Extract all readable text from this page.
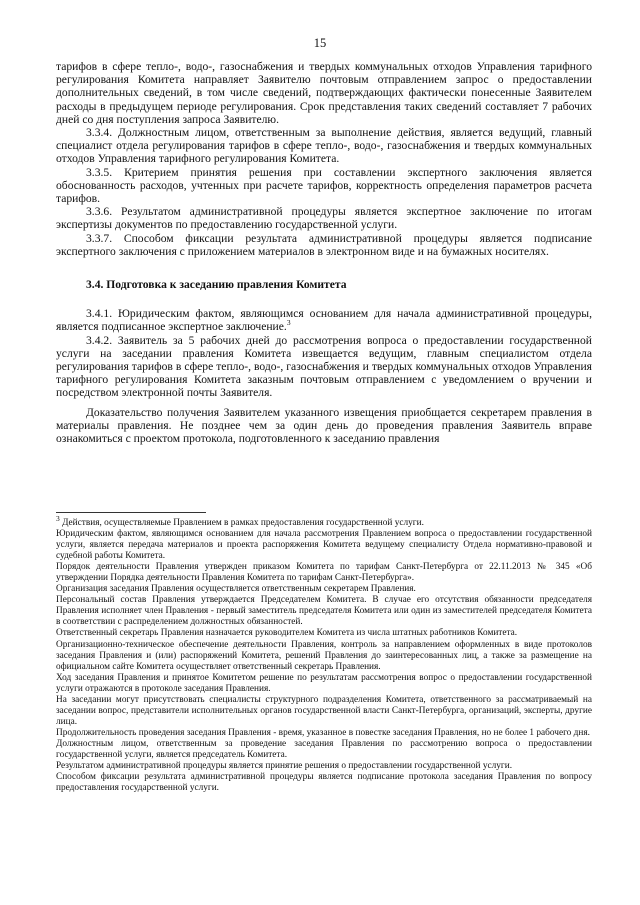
15

тарифов в сфере тепло-, водо-, газоснабжения и твердых коммунальных отходов Управления тарифного регулирования Комитета направляет Заявителю почтовым отправлением запрос о предоставлении дополнительных сведений, в том числе сведений, подтверждающих фактически понесенные Заявителем расходы в предыдущем периоде регулирования. Срок представления таких сведений составляет 7 рабочих дней со дня поступления запроса Заявителю.

3.3.4. Должностным лицом, ответственным за выполнение действия, является ведущий, главный специалист отдела регулирования тарифов в сфере тепло-, водо-, газоснабжения и твердых коммунальных отходов Управления тарифного регулирования Комитета.

3.3.5. Критерием принятия решения при составлении экспертного заключения является обоснованность расходов, учтенных при расчете тарифов, корректность определения параметров расчета тарифов.

3.3.6. Результатом административной процедуры является экспертное заключение по итогам экспертизы документов по предоставлению государственной услуги.

3.3.7. Способом фиксации результата административной процедуры является подписание экспертного заключения с приложением материалов в электронном виде и на бумажных носителях.

3.4. Подготовка к заседанию правления Комитета

3.4.1. Юридическим фактом, являющимся основанием для начала административной процедуры, является подписанное экспертное заключение.$^3$

3.4.2. Заявитель за 5 рабочих дней до рассмотрения вопроса о предоставлении государственной услуги на заседании правления Комитета извещается ведущим, главным специалистом отдела регулирования тарифов в сфере тепло-, водо-, газоснабжения и твердых коммунальных отходов Управления тарифного регулирования Комитета заказным почтовым отправлением с уведомлением о вручении и посредством электронной почты Заявителя.

Доказательство получения Заявителем указанного извещения приобщается секретарем правления в материалы правления. Не позднее чем за один день до проведения правления Заявитель вправе ознакомиться с проектом протокола, подготовленного к заседанию правления

$^3$ Действия, осуществляемые Правлением в рамках предоставления государственной услуги.

Юридическим фактом, являющимся основанием для начала рассмотрения Правлением вопроса о предоставлении государственной услуги, является передача материалов и проекта распоряжения Комитета ведущему специалисту Отдела нормативно-правовой и судебной работы Комитета.

Порядок деятельности Правления утвержден приказом Комитета по тарифам Санкт-Петербурга от 22.11.2013 № 345 «Об утверждении Порядка деятельности Правления Комитета по тарифам Санкт-Петербурга».

Организация заседания Правления осуществляется ответственным секретарем Правления.

Персональный состав Правления утверждается Председателем Комитета. В случае его отсутствия обязанности председателя Правления исполняет член Правления - первый заместитель председателя Комитета или один из заместителей председателя Комитета в соответствии с распределением должностных обязанностей.

Ответственный секретарь Правления назначается руководителем Комитета из числа штатных работников Комитета.

Организационно-техническое обеспечение деятельности Правления, контроль за направлением оформленных в виде протоколов заседания Правления и (или) распоряжений Комитета, решений Правления до заинтересованных лиц, а также за размещение на официальном сайте Комитета осуществляет ответственный секретарь Правления.

Ход заседания Правления и принятое Комитетом решение по результатам рассмотрения вопрос о предоставлении государственной услуги отражаются в протоколе заседания Правления.

На заседании могут присутствовать специалисты структурного подразделения Комитета, ответственного за рассматриваемый на заседании вопрос, представители исполнительных органов государственной власти Санкт-Петербурга, организаций, эксперты, другие лица.

Продолжительность проведения заседания Правления - время, указанное в повестке заседания Правления, но не более 1 рабочего дня.

Должностным лицом, ответственным за проведение заседания Правления по рассмотрению вопроса о предоставлении государственной услуги, является председатель Комитета.

Результатом административной процедуры является принятие решения о предоставлении государственной услуги.

Способом фиксации результата административной процедуры является подписание протокола заседания Правления по вопросу предоставления государственной услуги.
